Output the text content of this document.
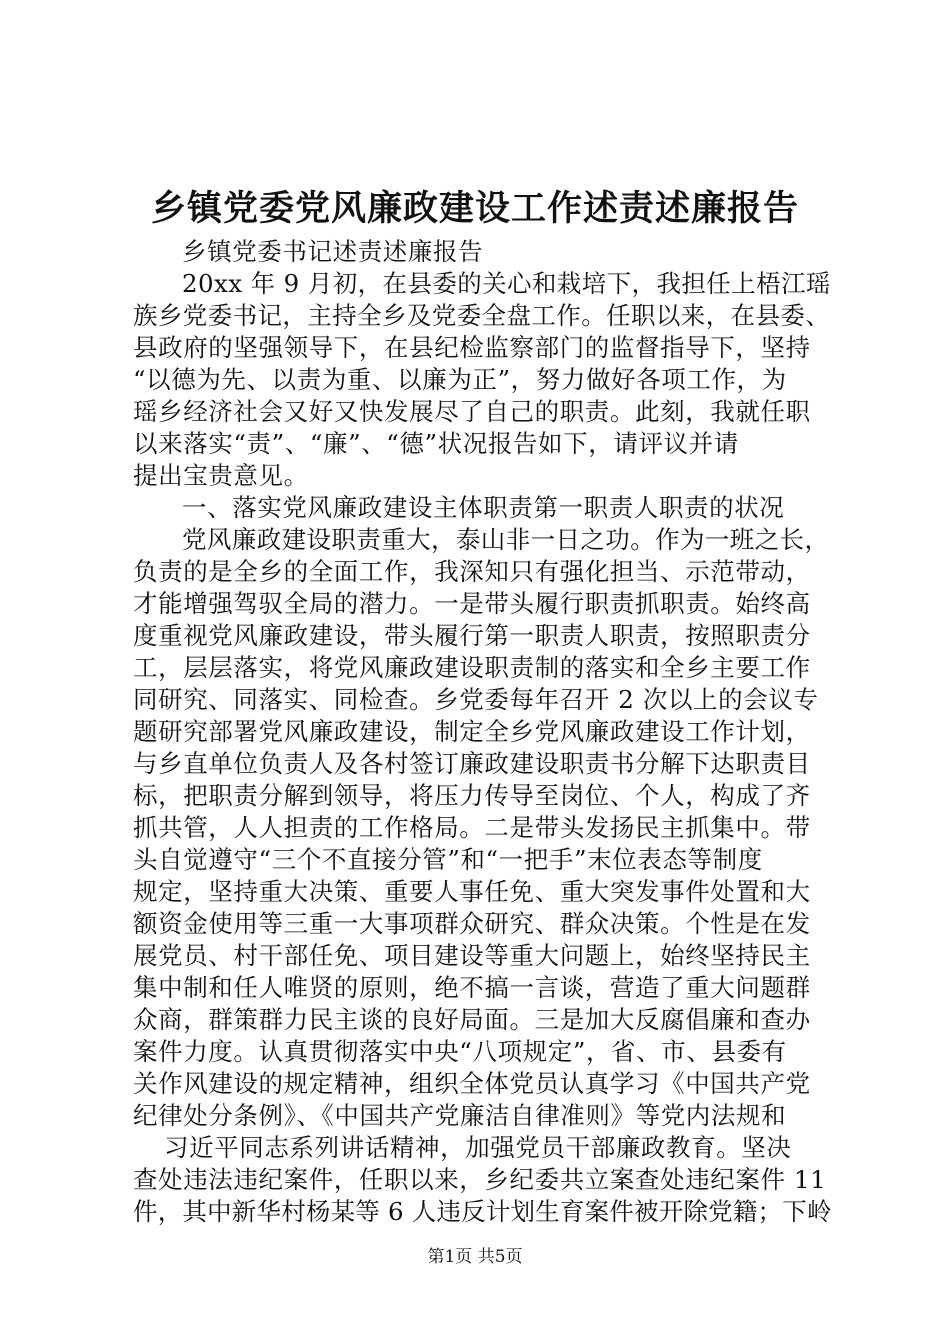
乡镇党委党风廉政建设工作述责述廉报告

乡镇党委书记述责述廉报告

20xx 年 9 月初，在县委的关心和栽培下，我担任上梧江瑶

族乡党委书记，主持全乡及党委全盘工作。任职以来，在县委、

县政府的坚强领导下，在县纪检监察部门的监督指导下，坚持

“以德为先、以责为重、以廉为正”，努力做好各项工作，为

瑶乡经济社会又好又快发展尽了自己的职责。此刻，我就任职

以来落实“责”、“廉”、“德”状况报告如下，请评议并请

提出宝贵意见。

一、落实党风廉政建设主体职责第一职责人职责的状况

党风廉政建设职责重大，泰山非一日之功。作为一班之长，

负责的是全乡的全面工作，我深知只有强化担当、示范带动，

才能增强驾驭全局的潜力。一是带头履行职责抓职责。始终高

度重视党风廉政建设，带头履行第一职责人职责，按照职责分

工，层层落实，将党风廉政建设职责制的落实和全乡主要工作

同研究、同落实、同检查。乡党委每年召开 2 次以上的会议专

题研究部署党风廉政建设，制定全乡党风廉政建设工作计划，

与乡直单位负责人及各村签订廉政建设职责书分解下达职责目

标，把职责分解到领导，将压力传导至岗位、个人，构成了齐

抓共管，人人担责的工作格局。二是带头发扬民主抓集中。带

头自觉遵守“三个不直接分管”和“一把手”末位表态等制度

规定，坚持重大决策、重要人事任免、重大突发事件处置和大

额资金使用等三重一大事项群众研究、群众决策。个性是在发

展党员、村干部任免、项目建设等重大问题上，始终坚持民主

集中制和任人唯贤的原则，绝不搞一言谈，营造了重大问题群

众商，群策群力民主谈的良好局面。三是加大反腐倡廉和查办

案件力度。认真贯彻落实中央“八项规定”，省、市、县委有

关作风建设的规定精神，组织全体党员认真学习《中国共产党

纪律处分条例》、《中国共产党廉洁自律准则》等党内法规和

习近平同志系列讲话精神，加强党员干部廉政教育。坚决

查处违法违纪案件，任职以来，乡纪委共立案查处违纪案件 11

件，其中新华村杨某等 6 人违反计划生育案件被开除党籍；下岭

第1页 共5页
